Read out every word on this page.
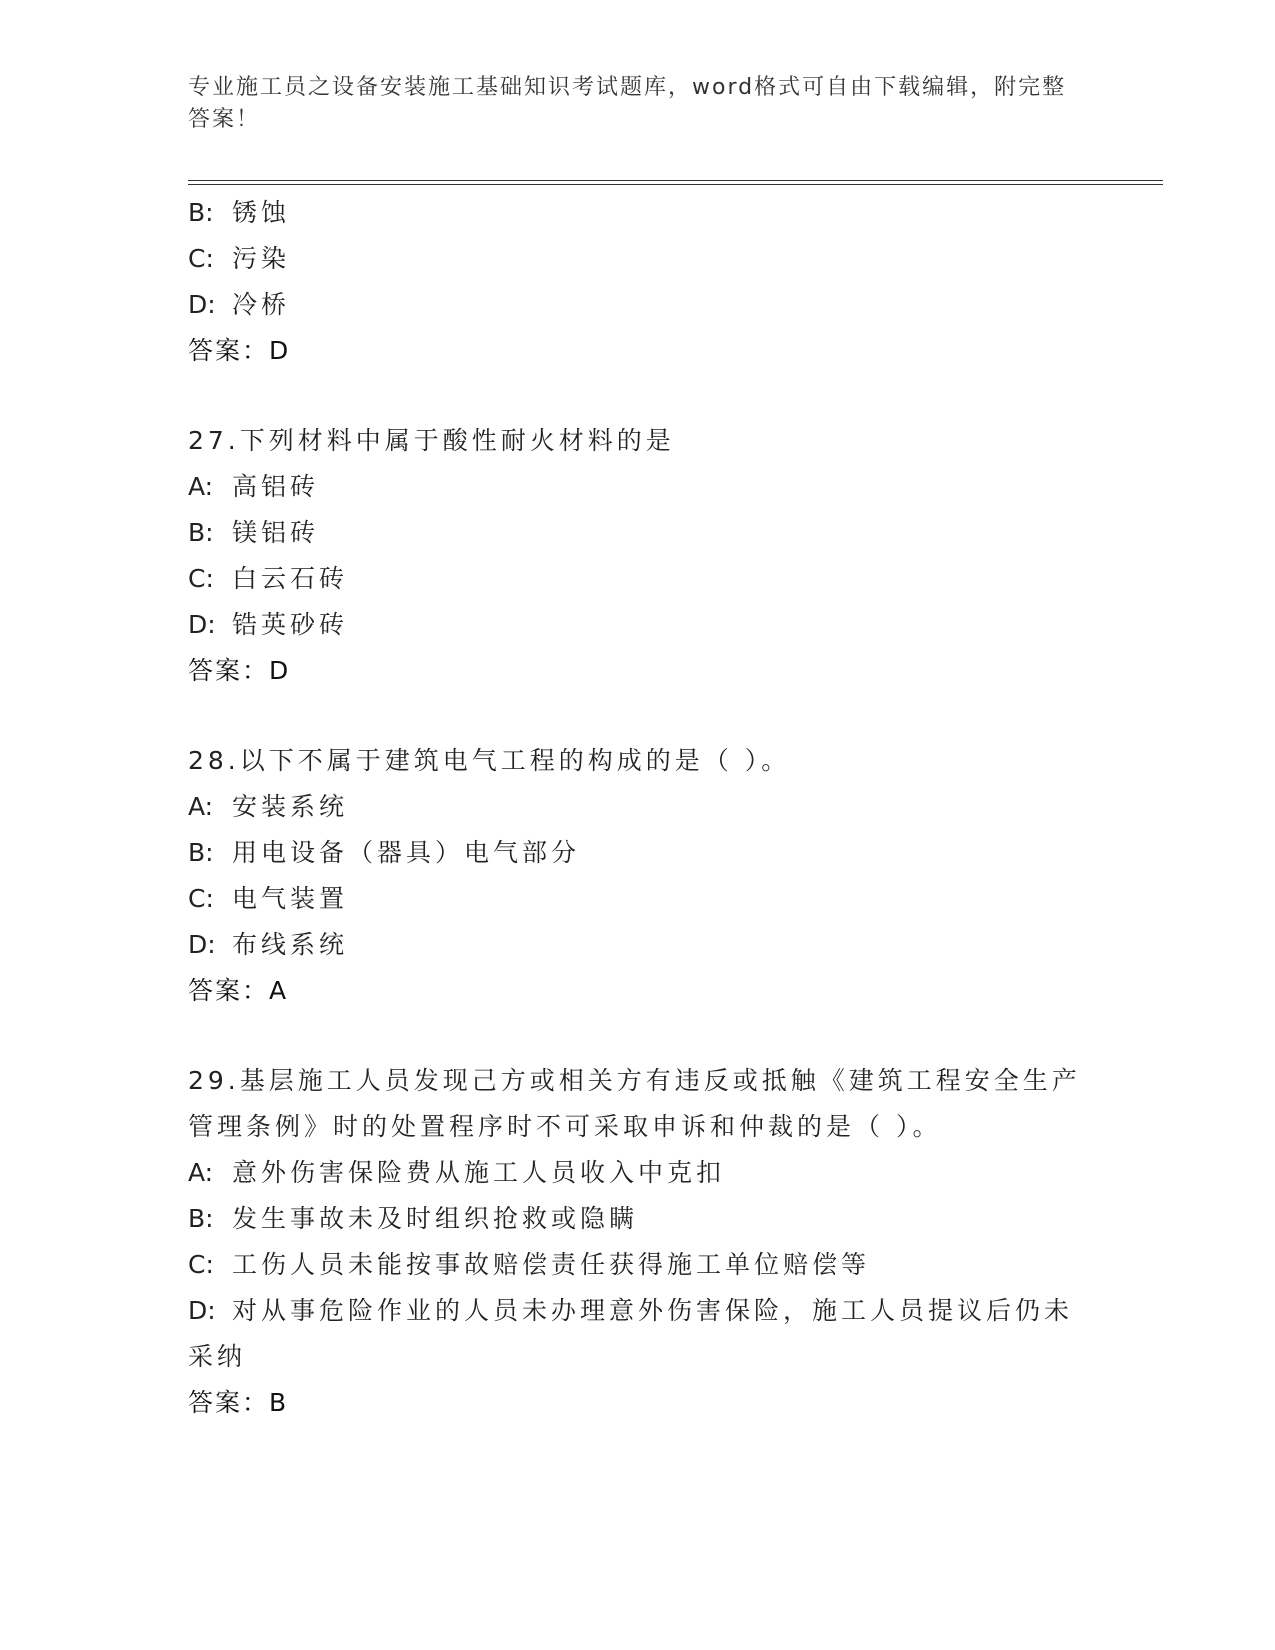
专业施工员之设备安装施工基础知识考试题库，word格式可自由下载编辑，附完整答案！

B: 锈蚀

C: 污染

D: 冷桥

答案：D

27.下列材料中属于酸性耐火材料的是

A: 高铝砖

B: 镁铝砖

C: 白云石砖

D: 锆英砂砖

答案：D

28.以下不属于建筑电气工程的构成的是（ ）。

A: 安装系统

B: 用电设备（器具）电气部分

C: 电气装置

D: 布线系统

答案：A

29.基层施工人员发现己方或相关方有违反或抵触《建筑工程安全生产管理条例》时的处置程序时不可采取申诉和仲裁的是（ ）。

A: 意外伤害保险费从施工人员收入中克扣

B: 发生事故未及时组织抢救或隐瞒

C: 工伤人员未能按事故赔偿责任获得施工单位赔偿等

D: 对从事危险作业的人员未办理意外伤害保险，施工人员提议后仍未采纳

答案：B
